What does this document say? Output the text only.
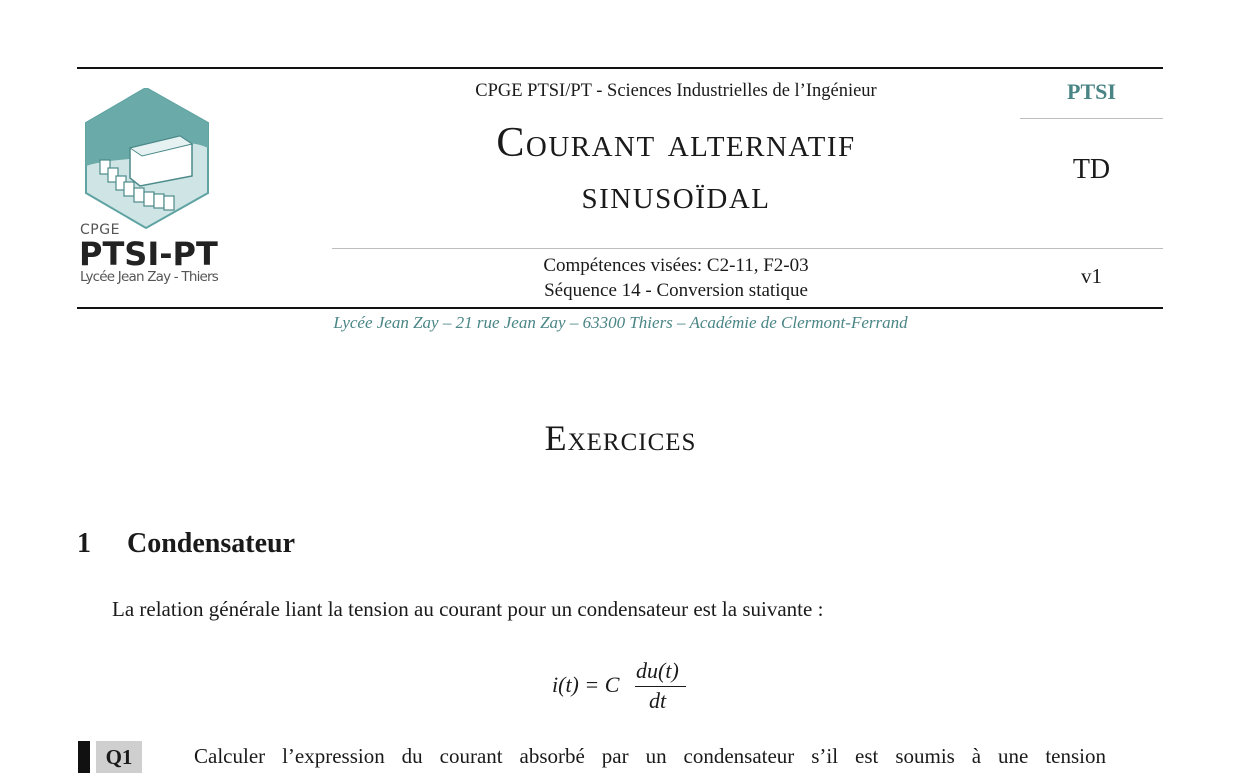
CPGE
PTSI-PT
Lycée Jean Zay - Thiers
CPGE PTSI/PT - Sciences Industrielles de l’Ingénieur
Courant alternatif
sinusoïdal
PTSI
TD
Compétences visées: C2-11, F2-03
Séquence 14 - Conversion statique
v1
Lycée Jean Zay – 21 rue Jean Zay – 63300 Thiers – Académie de Clermont-Ferrand
Exercices
1 Condensateur
La relation générale liant la tension au courant pour un condensateur est la suivante :
i(t) = C
du(t)
dt
Q1	Calculer l’expression du courant absorbé par un condensateur s’il est soumis à une tension
